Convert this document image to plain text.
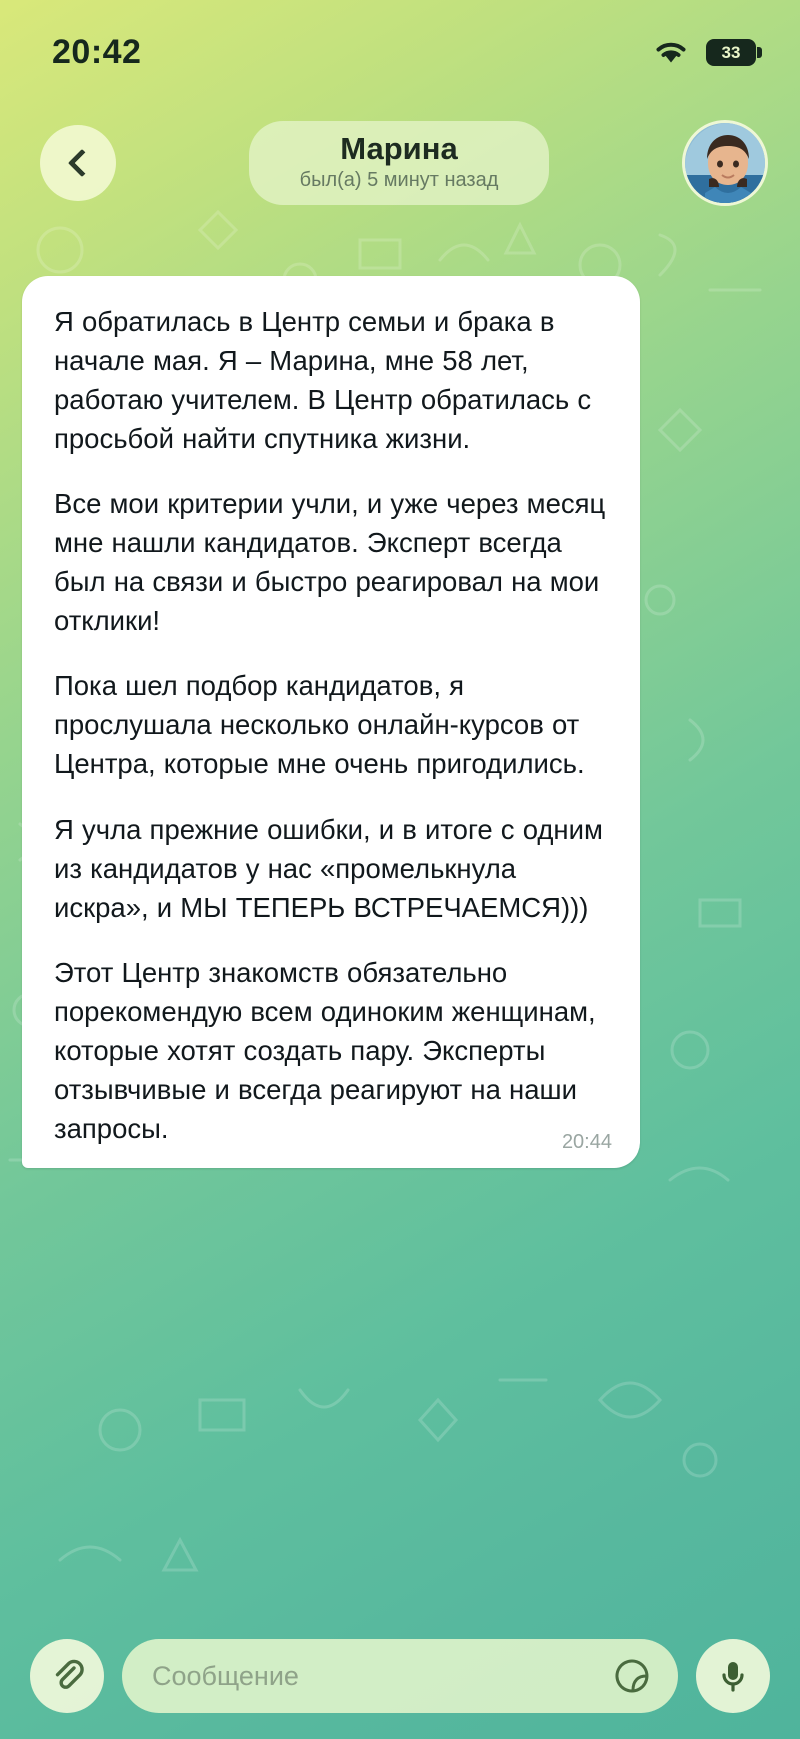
20:42	33
Марина
был(а) 5 минут назад

Я обратилась в Центр семьи и брака в начале мая. Я – Марина, мне 58 лет, работаю учителем. В Центр обратилась с просьбой найти спутника жизни.

Все мои критерии учли, и уже через месяц мне нашли кандидатов. Эксперт всегда был на связи и быстро реагировал на мои отклики!

Пока шел подбор кандидатов, я прослушала несколько онлайн-курсов от Центра, которые мне очень пригодились.

Я учла прежние ошибки, и в итоге с одним из кандидатов у нас «промелькнула искра», и МЫ ТЕПЕРЬ ВСТРЕЧАЕМСЯ)))

Этот Центр знакомств обязательно порекомендую всем одиноким женщинам, которые хотят создать пару. Эксперты отзывчивые и всегда реагируют на наши запросы.	20:44
Сообщение
